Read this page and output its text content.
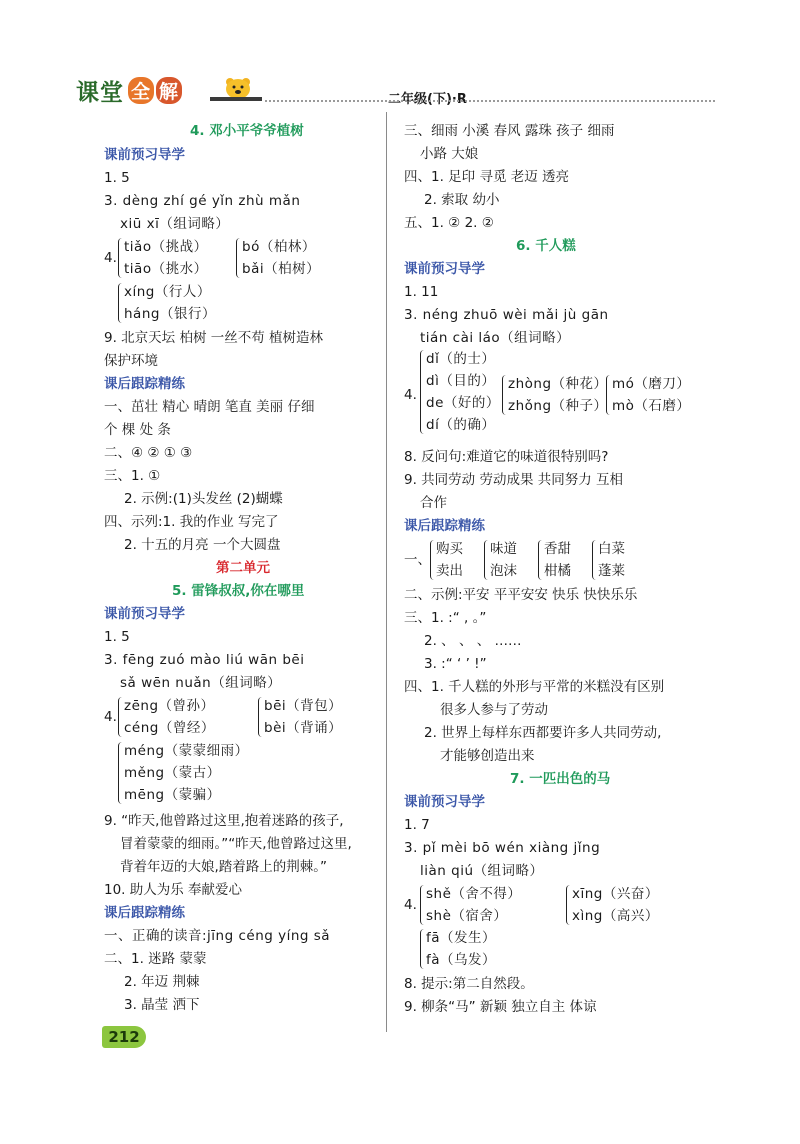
课 堂 全 解	二年级(下)·R
4. 邓小平爷爷植树
课前预习导学
1. 5
3. dèng zhí gé yǐn zhù mǎn
xiū xī（组词略）
4.
tiǎo（挑战）
tiāo（挑水）
bó（柏林）
bǎi（柏树）
xíng（行人）
háng（银行）
9. 北京天坛 柏树 一丝不苟 植树造林
保护环境
课后跟踪精练
一、茁壮 精心 晴朗 笔直 美丽 仔细
个 棵 处 条
二、④ ② ① ③
三、1. ①
2. 示例:(1)头发丝 (2)蝴蝶
四、示列:1. 我的作业 写完了
2. 十五的月亮 一个大圆盘
第二单元
5. 雷锋叔叔,你在哪里
课前预习导学
1. 5
3. fēng zuó mào liú wān bēi
sǎ wēn nuǎn（组词略）
4.
zēng（曾孙）
céng（曾经）
bēi（背包）
bèi（背诵）
méng（蒙蒙细雨）
měng（蒙古）
mēng（蒙骗）
9. “昨天,他曾路过这里,抱着迷路的孩子,
冒着蒙蒙的细雨。”“昨天,他曾路过这里,
背着年迈的大娘,踏着路上的荆棘。”
10. 助人为乐 奉献爱心
课后跟踪精练
一、正确的读音:jīng céng yíng sǎ
二、1. 迷路 蒙蒙
2. 年迈 荆棘
3. 晶莹 洒下
三、细雨 小溪 春风 露珠 孩子 细雨
小路 大娘
四、1. 足印 寻觅 老迈 透亮
2. 索取 幼小
五、1. ② 2. ②
6. 千人糕
课前预习导学
1. 11
3. néng zhuō wèi mǎi jù gān
tián cài láo（组词略）
dǐ（的士）
dì（目的）
de（好的）
dí（的确）
4.
zhòng（种花）
zhǒng（种子）
mó（磨刀）
mò（石磨）
8. 反问句:难道它的味道很特别吗?
9. 共同劳动 劳动成果 共同努力 互相
合作
课后跟踪精练
一、
购买
卖出
味道
泡沫
香甜
柑橘
白菜
蓬莱
二、示例:平安 平平安安 快乐 快快乐乐
三、1. :“ , 。”
2. 、 、 、 ……
3. :“ ‘ ’ !”
四、1. 千人糕的外形与平常的米糕没有区别
很多人参与了劳动
2. 世界上每样东西都要许多人共同劳动,
才能够创造出来
7. 一匹出色的马
课前预习导学
1. 7
3. pǐ mèi bō wén xiàng jǐng
liàn qiú（组词略）
4.
shě（舍不得）
shè（宿舍）
xīng（兴奋）
xìng（高兴）
fā（发生）
fà（乌发）
8. 提示:第二自然段。
9. 柳条“马” 新颖 独立自主 体谅
212
